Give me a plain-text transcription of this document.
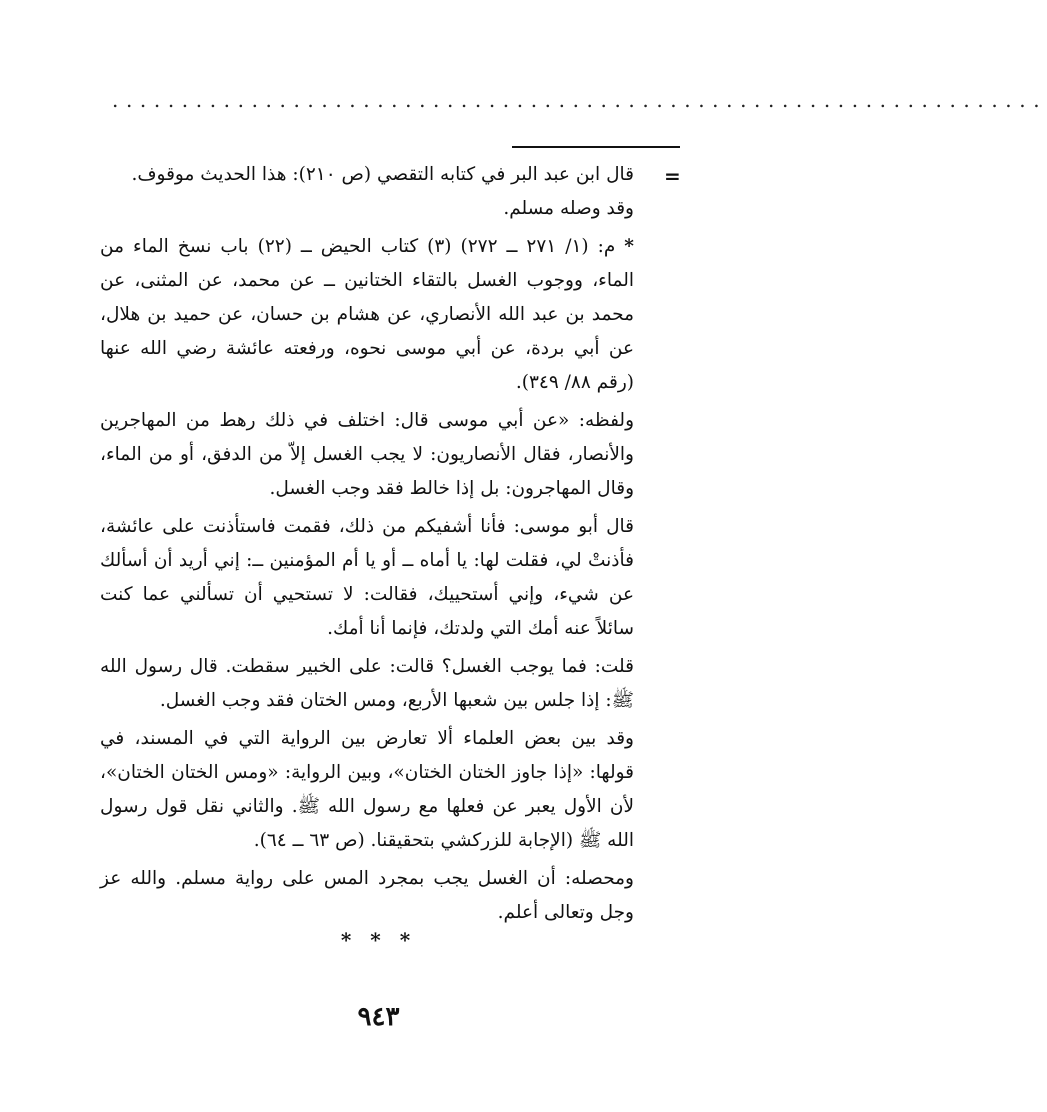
...................................................................
=

قال ابن عبد البر في كتابه التقصي (ص ٢١٠): هذا الحديث موقوف.

وقد وصله مسلم.

* م: (١/ ٢٧١ ــ ٢٧٢) (٣) كتاب الحيض ــ (٢٢) باب نسخ الماء من الماء، ووجوب الغسل بالتقاء الختانين ــ عن محمد، عن المثنى، عن محمد بن عبد الله الأنصاري، عن هشام بن حسان، عن حميد بن هلال، عن أبي بردة، عن أبي موسى نحوه، ورفعته عائشة رضي الله عنها (رقم ٨٨/ ٣٤٩).

ولفظه: «عن أبي موسى قال: اختلف في ذلك رهط من المهاجرين والأنصار، فقال الأنصاريون: لا يجب الغسل إلاّ من الدفق، أو من الماء، وقال المهاجرون: بل إذا خالط فقد وجب الغسل.

قال أبو موسى: فأنا أشفيكم من ذلك، فقمت فاستأذنت على عائشة، فأذنتْ لي، فقلت لها: يا أماه ــ أو يا أم المؤمنين ــ: إني أريد أن أسألك عن شيء، وإني أستحييك، فقالت: لا تستحيي أن تسألني عما كنت سائلاً عنه أمك التي ولدتك، فإنما أنا أمك.

قلت: فما يوجب الغسل؟ قالت: على الخبير سقطت. قال رسول الله ﷺ: إذا جلس بين شعبها الأربع، ومس الختان فقد وجب الغسل.

وقد بين بعض العلماء ألا تعارض بين الرواية التي في المسند، في قولها: «إذا جاوز الختان الختان»، وبين الرواية: «ومس الختان الختان»، لأن الأول يعبر عن فعلها مع رسول الله ﷺ. والثاني نقل قول رسول الله ﷺ (الإجابة للزركشي بتحقيقنا. (ص ٦٣ ــ ٦٤).

ومحصله: أن الغسل يجب بمجرد المس على رواية مسلم. والله عز وجل وتعالى أعلم.

* * *
٩٤٣
